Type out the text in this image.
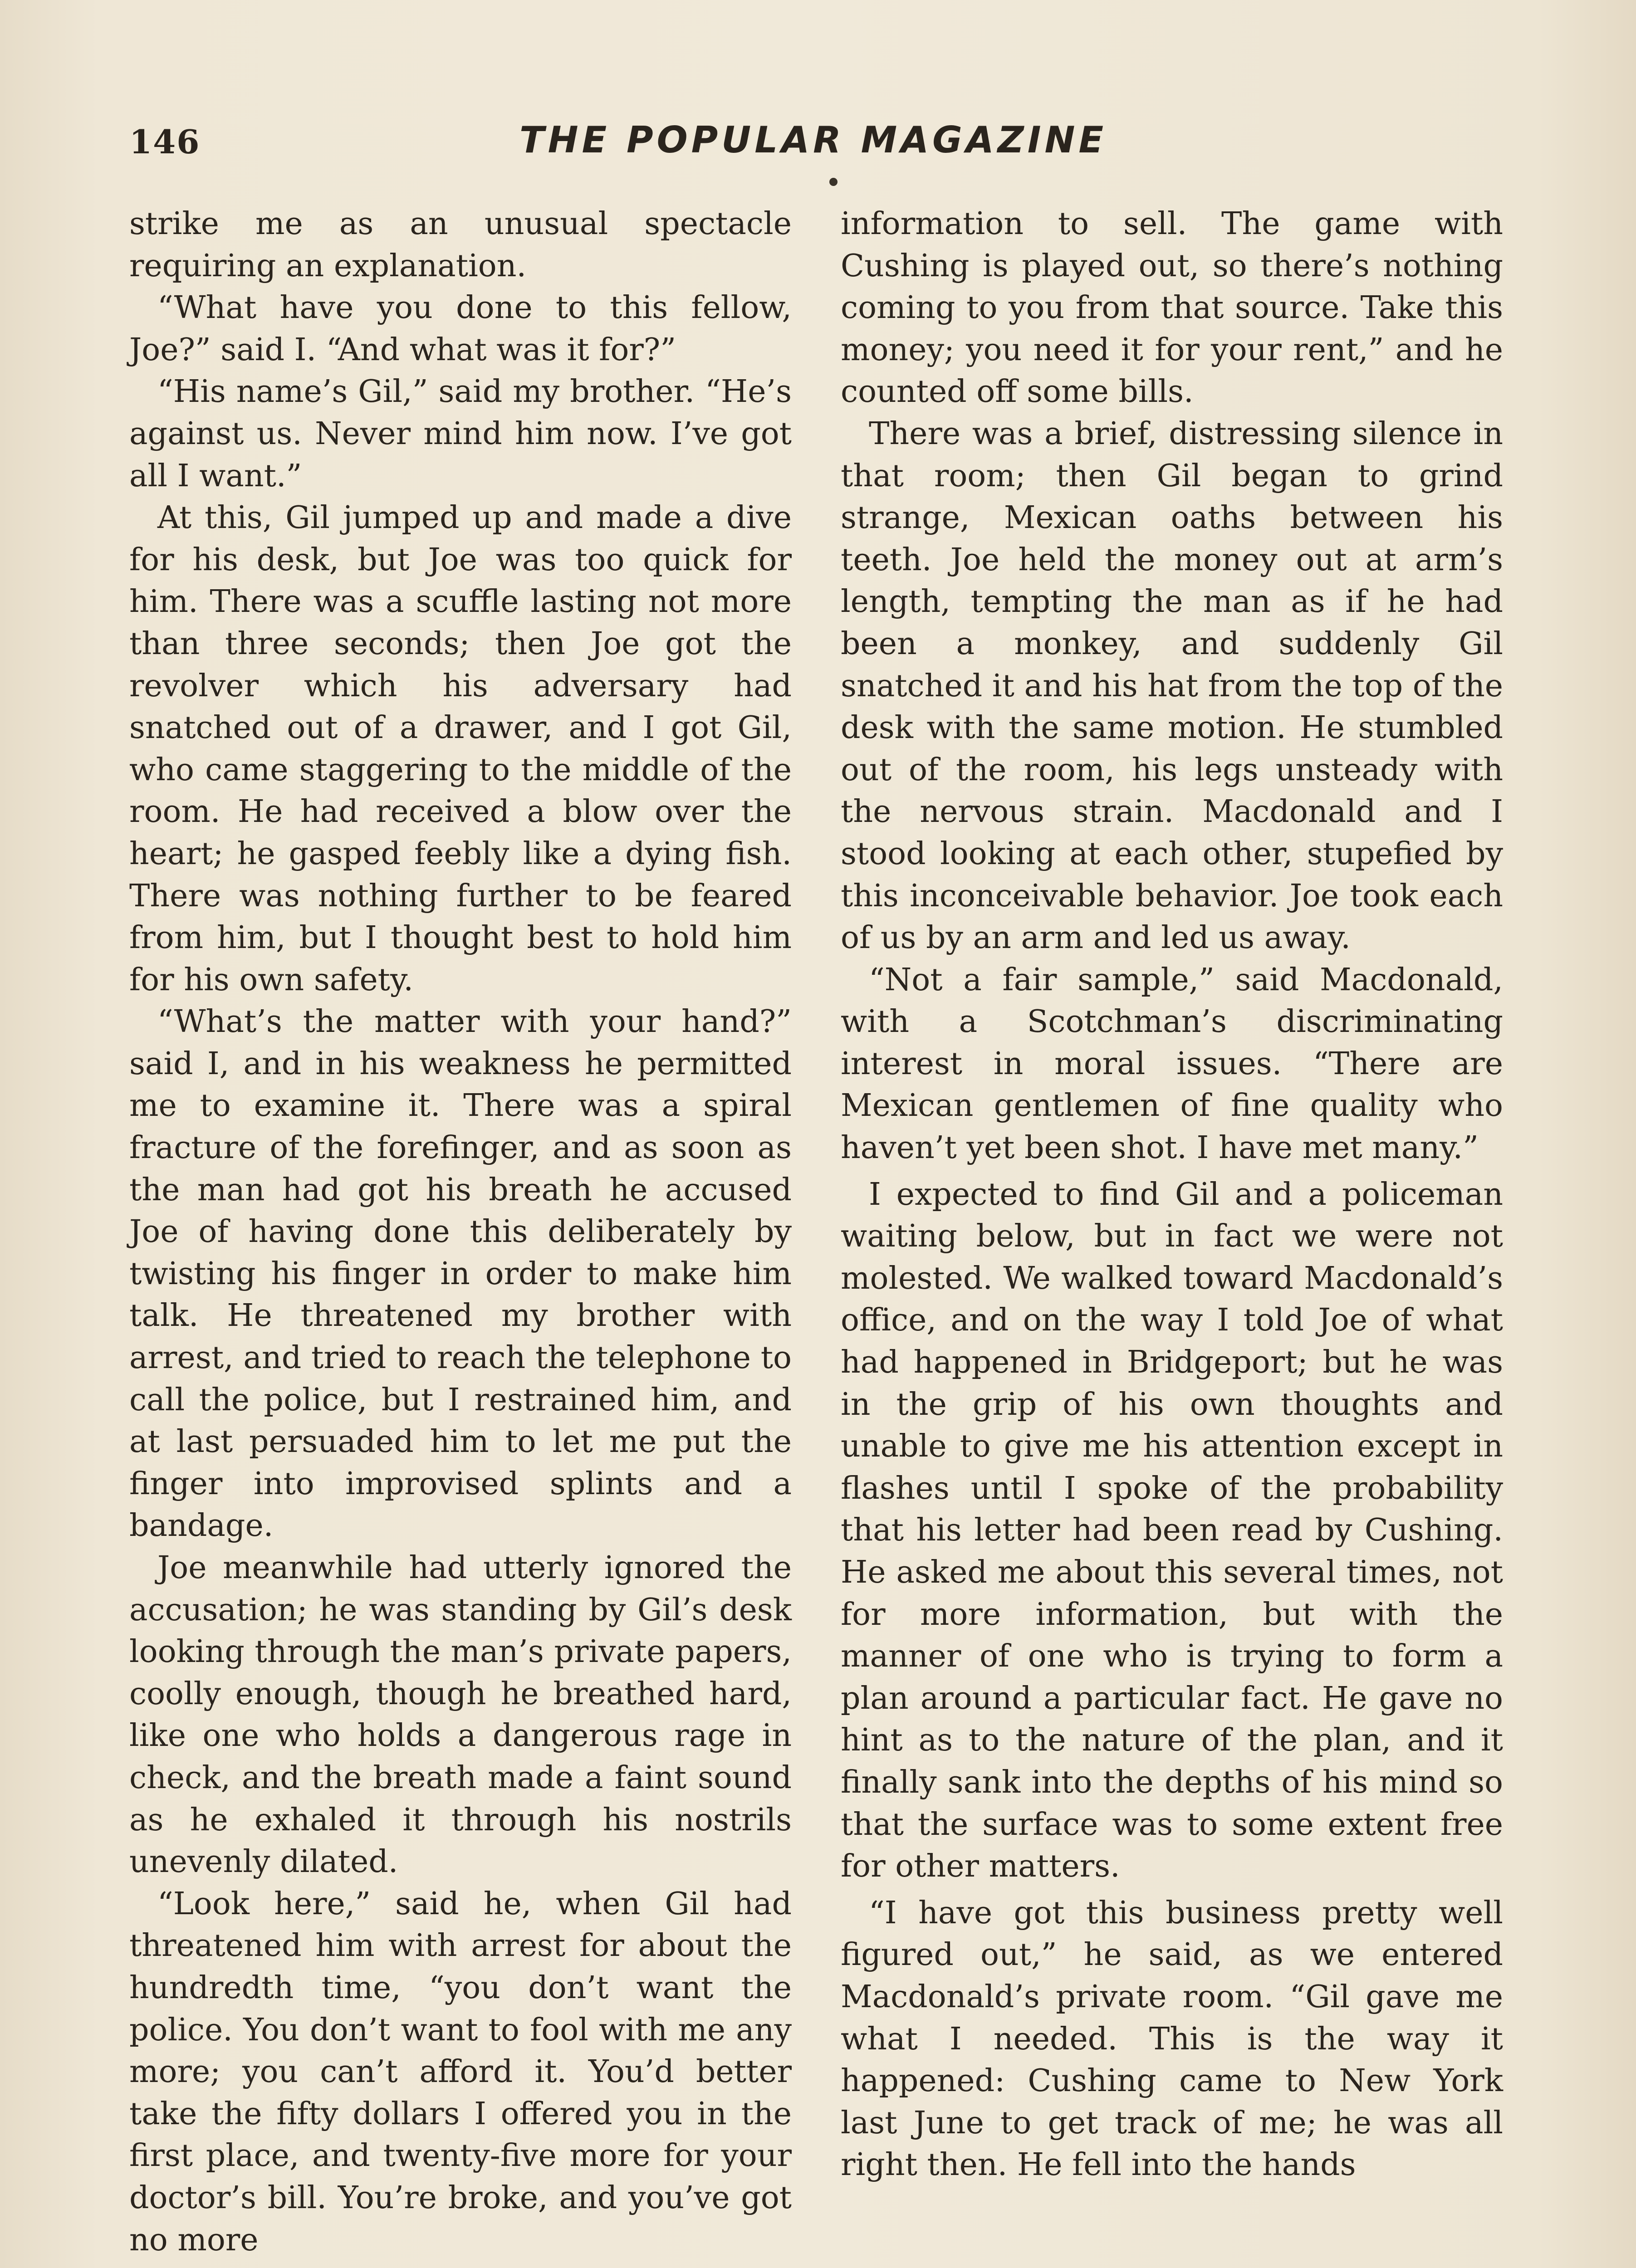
146	THE POPULAR MAGAZINE

strike me as an unusual spectacle requiring an explanation.

“What have you done to this fellow, Joe?” said I. “And what was it for?”

“His name’s Gil,” said my brother. “He’s against us. Never mind him now. I’ve got all I want.”

At this, Gil jumped up and made a dive for his desk, but Joe was too quick for him. There was a scuffle lasting not more than three seconds; then Joe got the revolver which his adversary had snatched out of a drawer, and I got Gil, who came staggering to the middle of the room. He had received a blow over the heart; he gasped feebly like a dying fish. There was nothing further to be feared from him, but I thought best to hold him for his own safety.

“What’s the matter with your hand?” said I, and in his weakness he permitted me to examine it. There was a spiral fracture of the forefinger, and as soon as the man had got his breath he accused Joe of having done this deliberately by twisting his finger in order to make him talk. He threatened my brother with arrest, and tried to reach the telephone to call the police, but I restrained him, and at last persuaded him to let me put the finger into improvised splints and a bandage.

Joe meanwhile had utterly ignored the accusation; he was standing by Gil’s desk looking through the man’s private papers, coolly enough, though he breathed hard, like one who holds a dangerous rage in check, and the breath made a faint sound as he exhaled it through his nostrils unevenly dilated.

“Look here,” said he, when Gil had threatened him with arrest for about the hundredth time, “you don’t want the police. You don’t want to fool with me any more; you can’t afford it. You’d better take the fifty dollars I offered you in the first place, and twenty-five more for your doctor’s bill. You’re broke, and you’ve got no more

information to sell. The game with Cushing is played out, so there’s nothing coming to you from that source. Take this money; you need it for your rent,” and he counted off some bills.

There was a brief, distressing silence in that room; then Gil began to grind strange, Mexican oaths between his teeth. Joe held the money out at arm’s length, tempting the man as if he had been a monkey, and suddenly Gil snatched it and his hat from the top of the desk with the same motion. He stumbled out of the room, his legs unsteady with the nervous strain. Macdonald and I stood looking at each other, stupefied by this inconceivable behavior. Joe took each of us by an arm and led us away.

“Not a fair sample,” said Macdonald, with a Scotchman’s discriminating interest in moral issues. “There are Mexican gentlemen of fine quality who haven’t yet been shot. I have met many.”

I expected to find Gil and a policeman waiting below, but in fact we were not molested. We walked toward Macdonald’s office, and on the way I told Joe of what had happened in Bridgeport; but he was in the grip of his own thoughts and unable to give me his attention except in flashes until I spoke of the probability that his letter had been read by Cushing. He asked me about this several times, not for more information, but with the manner of one who is trying to form a plan around a particular fact. He gave no hint as to the nature of the plan, and it finally sank into the depths of his mind so that the surface was to some extent free for other matters.

“I have got this business pretty well figured out,” he said, as we entered Macdonald’s private room. “Gil gave me what I needed. This is the way it happened: Cushing came to New York last June to get track of me; he was all right then. He fell into the hands
